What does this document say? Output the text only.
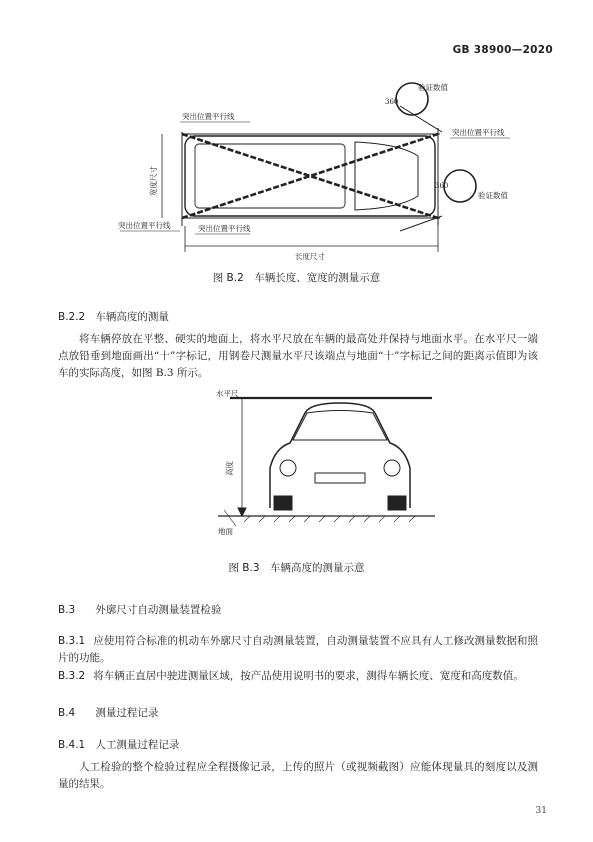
GB 38900—2020
360
360
验证数值
验证数值
突出位置平行线
突出位置平行线
突出位置平行线	突出位置平行线
宽度尺寸
长度尺寸
图 B.2　车辆长度、宽度的测量示意
B.2.2 车辆高度的测量
将车辆停放在平整、硬实的地面上，将水平尺放在车辆的最高处并保持与地面水平。在水平尺一端点放铅垂到地面画出“十”字标记，用钢卷尺测量水平尺该端点与地面“十”字标记之间的距离示值即为该车的实际高度，如图 B.3 所示。
水平尺
高度
地面
图 B.3　车辆高度的测量示意
B.3 外廓尺寸自动测量装置检验
B.3.1 应使用符合标准的机动车外廓尺寸自动测量装置，自动测量装置不应具有人工修改测量数据和照片的功能。
B.3.2 将车辆正直居中驶进测量区域，按产品使用说明书的要求，测得车辆长度、宽度和高度数值。
B.4 测量过程记录
B.4.1 人工测量过程记录
人工检验的整个检验过程应全程摄像记录，上传的照片（或视频截图）应能体现量具的刻度以及测量的结果。
31
